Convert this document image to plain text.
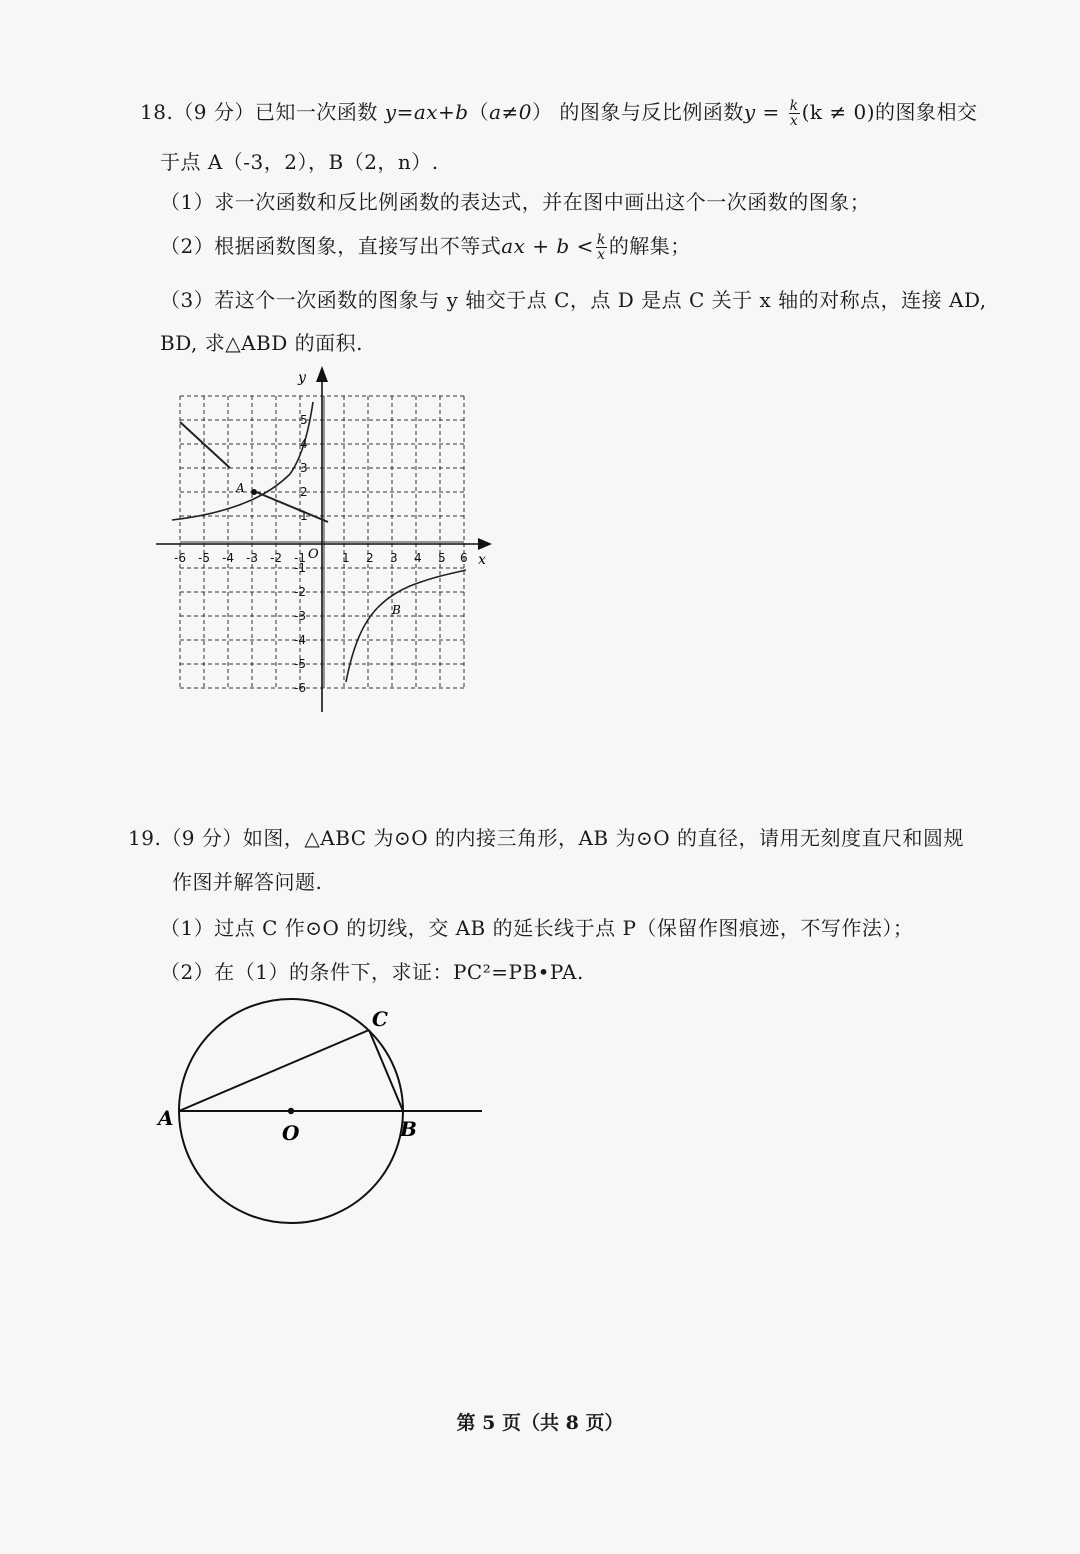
18.（9 分）已知一次函数 y=ax+b（a≠0） 的图象与反比例函数$y = \frac{k}{x} (k \ne 0)$的图象相交
于点 A（-3，2），B（2，n）.
（1）求一次函数和反比例函数的表达式，并在图中画出这个一次函数的图象；
（2）根据函数图象，直接写出不等式ax + $b < \frac{k}{x}$ 的解集；
（3）若这个一次函数的图象与 y 轴交于点 C，点 D 是点 C 关于 x 轴的对称点，连接 AD,
BD, 求△ABD 的面积.
A
B
y
x
O
-6 -5 -4 -3 -2 -1	1 2 3 4 5 6
5
4
3
2
1
-1
-2
-3
-4
-5
-6
19.（9 分）如图，△ABC 为⊙O 的内接三角形，AB 为⊙O 的直径，请用无刻度直尺和圆规
作图并解答问题.
（1）过点 C 作⊙O 的切线，交 AB 的延长线于点 P（保留作图痕迹，不写作法）；
（2）在（1）的条件下，求证：PC²=PB•PA.
A	B
C
O
第 5 页（共 8 页）
